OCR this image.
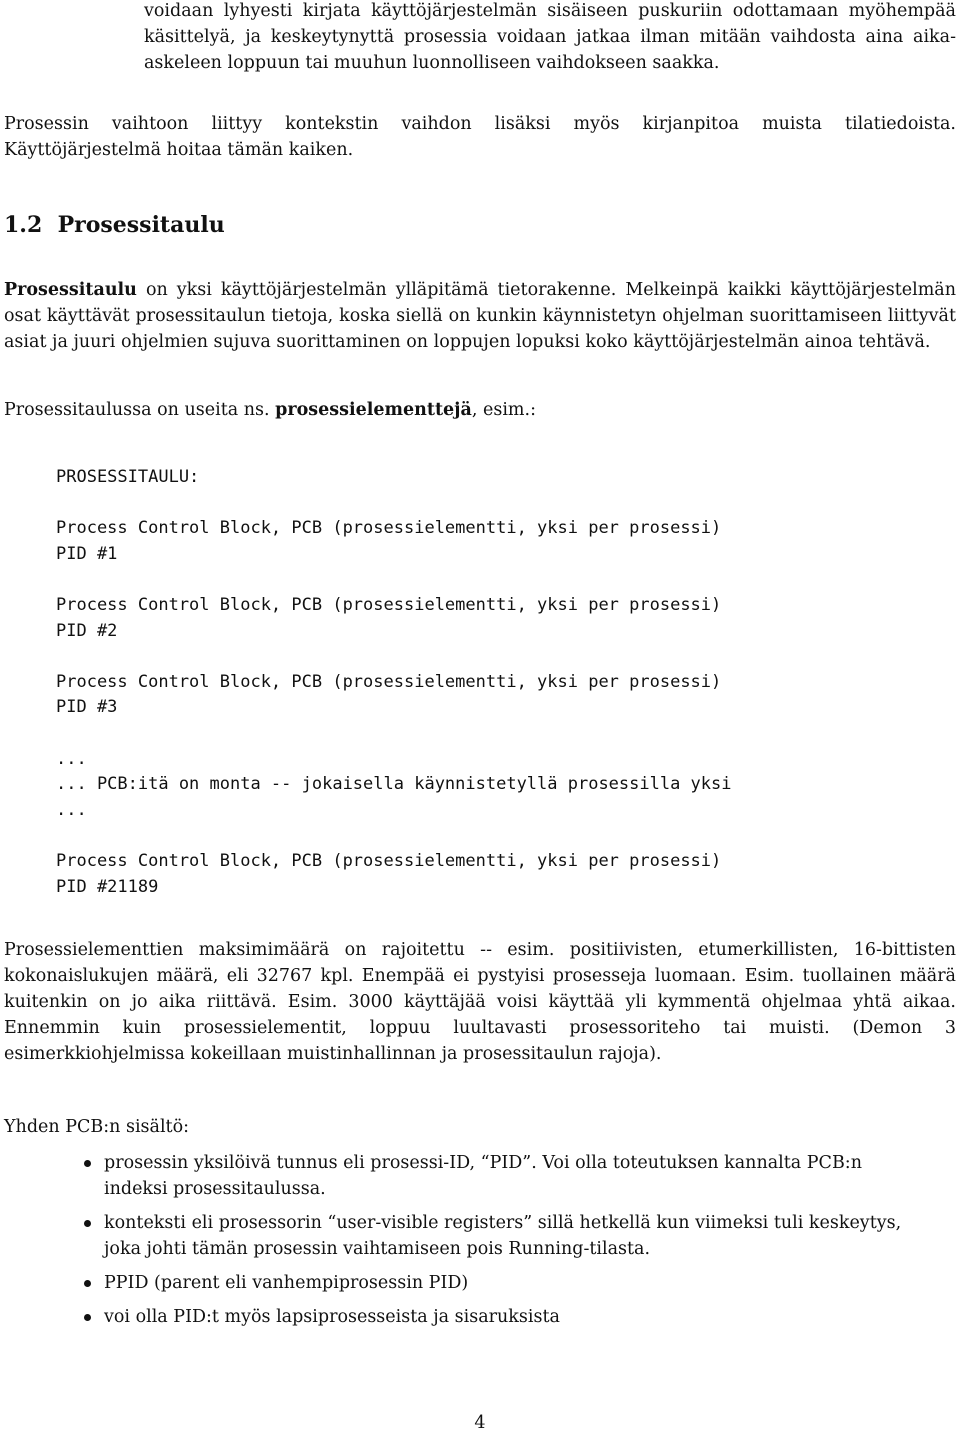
voidaan lyhyesti kirjata käyttöjärjestelmän sisäiseen puskuriin odottamaan myöhempää käsittelyä, ja keskeytynyttä prosessia voidaan jatkaa ilman mitään vaihdosta aina aika-askeleen loppuun tai muuhun luonnolliseen vaihdokseen saakka.

Prosessin vaihtoon liittyy kontekstin vaihdon lisäksi myös kirjanpitoa muista tilatiedoista. Käyttöjärjestelmä hoitaa tämän kaiken.

1.2 Prosessitaulu

Prosessitaulu on yksi käyttöjärjestelmän ylläpitämä tietorakenne. Melkeinpä kaikki käyttöjärjestelmän osat käyttävät prosessitaulun tietoja, koska siellä on kunkin käynnistetyn ohjelman suorittamiseen liittyvät asiat ja juuri ohjelmien sujuva suorittaminen on loppujen lopuksi koko käyttöjärjestelmän ainoa tehtävä.

Prosessitaulussa on useita ns. prosessielementtejä, esim.:

PROSESSITAULU:

Process Control Block, PCB (prosessielementti, yksi per prosessi)
PID #1

Process Control Block, PCB (prosessielementti, yksi per prosessi)
PID #2

Process Control Block, PCB (prosessielementti, yksi per prosessi)
PID #3

...
... PCB:itä on monta -- jokaisella käynnistetyllä prosessilla yksi
...

Process Control Block, PCB (prosessielementti, yksi per prosessi)
PID #21189

Prosessielementtien maksimimäärä on rajoitettu -- esim. positiivisten, etumerkillisten, 16-bittisten kokonaislukujen määrä, eli 32767 kpl. Enempää ei pystyisi prosesseja luomaan. Esim. tuollainen määrä kuitenkin on jo aika riittävä. Esim. 3000 käyttäjää voisi käyttää yli kymmentä ohjelmaa yhtä aikaa. Ennemmin kuin prosessielementit, loppuu luultavasti prosessoriteho tai muisti. (Demon 3 esimerkkiohjelmissa kokeillaan muistinhallinnan ja prosessitaulun rajoja).

Yhden PCB:n sisältö:

prosessin yksilöivä tunnus eli prosessi-ID, “PID”. Voi olla toteutuksen kannalta PCB:n indeksi prosessitaulussa.
konteksti eli prosessorin “user-visible registers” sillä hetkellä kun viimeksi tuli keskeytys, joka johti tämän prosessin vaihtamiseen pois Running-tilasta.
PPID (parent eli vanhempiprosessin PID)
voi olla PID:t myös lapsiprosesseista ja sisaruksista

4
